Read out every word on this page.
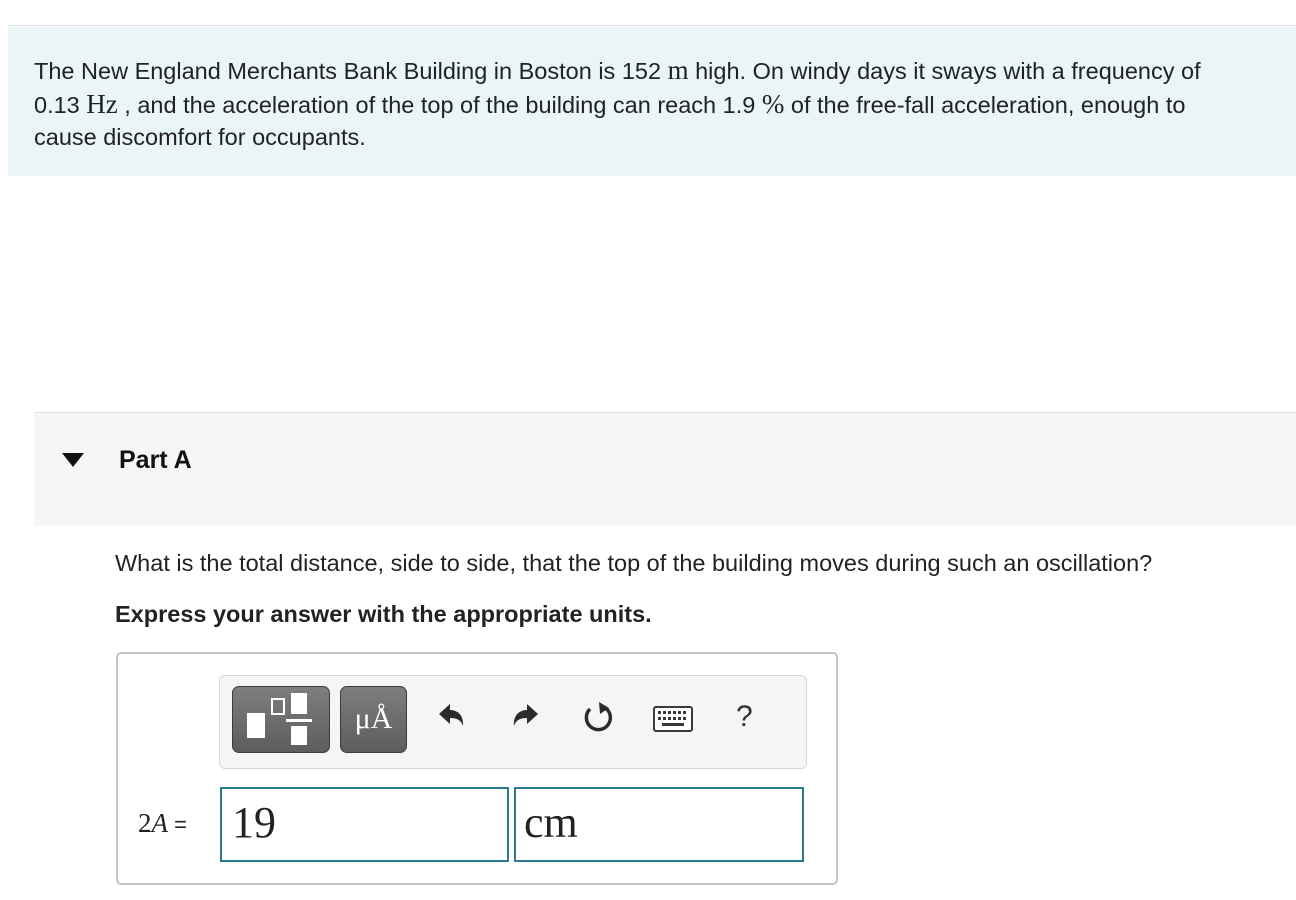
The New England Merchants Bank Building in Boston is 152 m high. On windy days it sways with a frequency of 0.13 Hz , and the acceleration of the top of the building can reach 1.9 % of the free-fall acceleration, enough to cause discomfort for occupants.
Part A
What is the total distance, side to side, that the top of the building moves during such an oscillation?
Express your answer with the appropriate units.
μÅ	?
2A = 19	cm
